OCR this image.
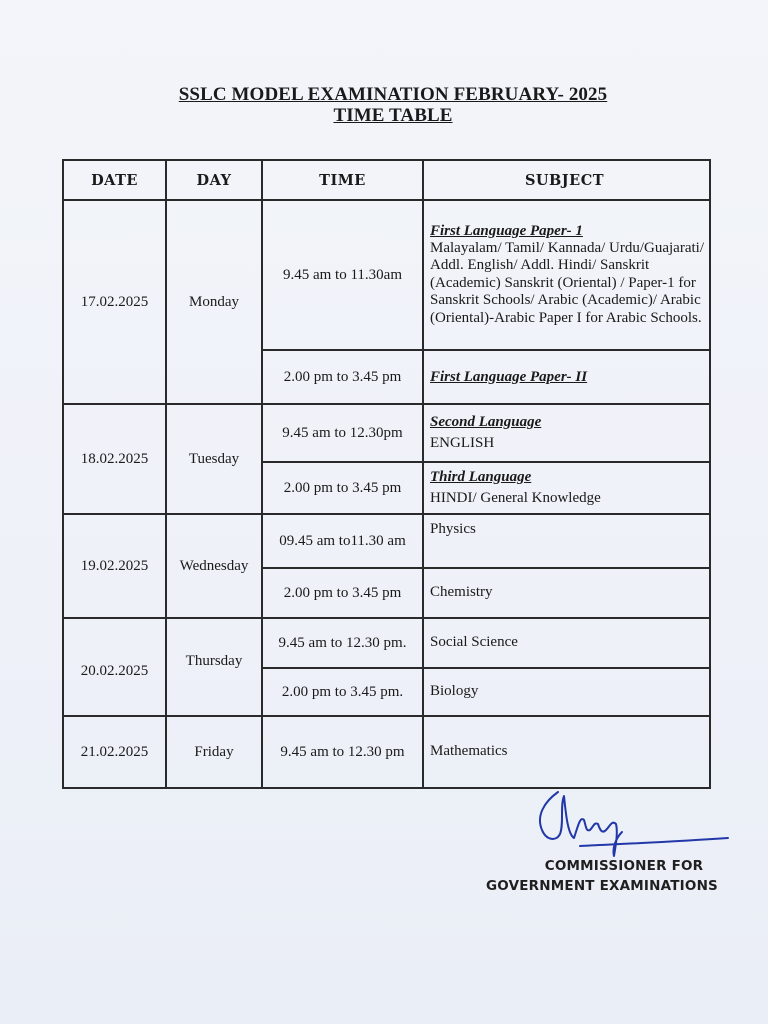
SSLC MODEL EXAMINATION FEBRUARY- 2025
TIME TABLE
DATE	DAY	TIME	SUBJECT
17.02.2025	Monday	9.45 am to 11.30am	First Language Paper- 1
Malayalam/ Tamil/ Kannada/ Urdu/Guajarati/ Addl. English/ Addl. Hindi/ Sanskrit (Academic) Sanskrit (Oriental) / Paper-1 for Sanskrit Schools/ Arabic (Academic)/ Arabic (Oriental)-Arabic Paper I for Arabic Schools.

		2.00 pm to 3.45 pm	First Language Paper- II

18.02.2025	Tuesday	9.45 am to 12.30pm	Second Language
ENGLISH

		2.00 pm to 3.45 pm	Third Language
HINDI/ General Knowledge

19.02.2025	Wednesday	09.45 am to11.30 am	Physics

		2.00 pm to 3.45 pm	Chemistry

20.02.2025	Thursday	9.45 am to 12.30 pm.	Social Science

		2.00 pm to 3.45 pm.	Biology

21.02.2025	Friday	9.45 am to 12.30 pm	Mathematics
COMMISSIONER FOR
GOVERNMENT EXAMINATIONS
